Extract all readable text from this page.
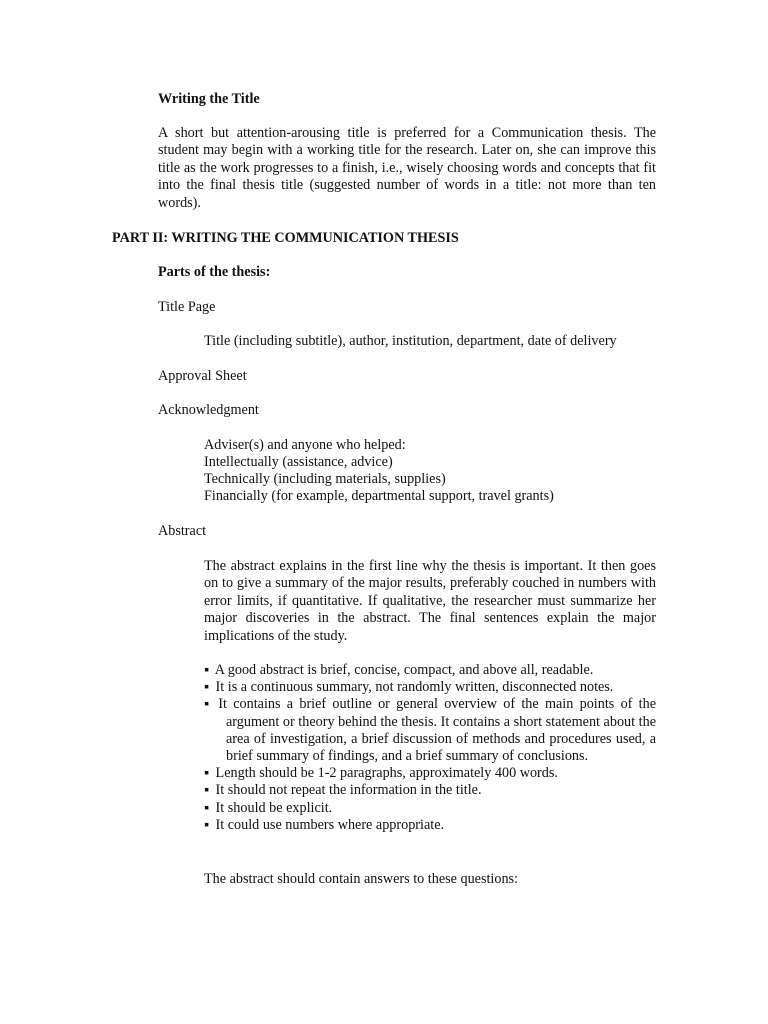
Writing the Title
A short but attention-arousing title is preferred for a Communication thesis. The student may begin with a working title for the research. Later on, she can improve this title as the work progresses to a finish, i.e., wisely choosing words and concepts that fit into the final thesis title (suggested number of words in a title: not more than ten words).
PART II: WRITING THE COMMUNICATION THESIS
Parts of the thesis:
Title Page
Title (including subtitle), author, institution, department, date of delivery
Approval Sheet
Acknowledgment
Adviser(s) and anyone who helped:
Intellectually (assistance, advice)
Technically (including materials, supplies)
Financially (for example, departmental support, travel grants)
Abstract
The abstract explains in the first line why the thesis is important. It then goes on to give a summary of the major results, preferably couched in numbers with error limits, if quantitative. If qualitative, the researcher must summarize her major discoveries in the abstract. The final sentences explain the major implications of the study.
▪ A good abstract is brief, concise, compact, and above all, readable.
▪ It is a continuous summary, not randomly written, disconnected notes.
▪ It contains a brief outline or general overview of the main points of the argument or theory behind the thesis. It contains a short statement about the area of investigation, a brief discussion of methods and procedures used, a brief summary of findings, and a brief summary of conclusions.
▪ Length should be 1-2 paragraphs, approximately 400 words.
▪ It should not repeat the information in the title.
▪ It should be explicit.
▪ It could use numbers where appropriate.
The abstract should contain answers to these questions:
